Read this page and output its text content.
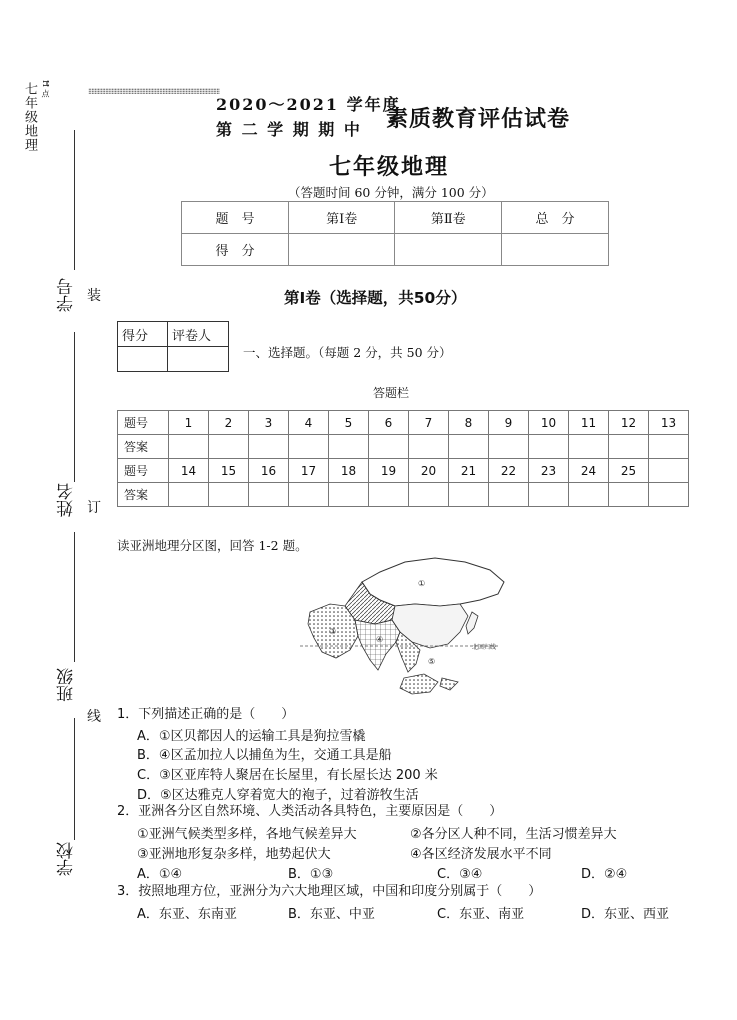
七年级地理 Ħ 点
学号
姓名
班级
学校
⁝⁝⁝⁝⁝⁝⁝⁝⁝⁝⁝⁝⁝⁝⁝⁝⁝⁝⁝⁝⁝⁝⁝⁝⁝⁝⁝⁝⁝⁝⁝⁝⁝⁝⁝⁝⁝⁝⁝⁝⁝⁝⁝⁝⁝⁝⁝⁝⁝⁝⁝⁝⁝⁝⁝⁝⁝⁝⁝⁝⁝⁝⁝⁝⁝⁝⁝⁝⁝⁝⁝⁝⁝⁝⁝⁝⁝⁝⁝⁝⁝⁝⁝⁝⁝
装
订
线
2020～2021 学年度
第 二 学 期 期 中 素质教育评估试卷
七年级地理
（答题时间 60 分钟，满分 100 分）
题　号	第Ⅰ卷	第Ⅱ卷	总　分
得　分			
第Ⅰ卷（选择题，共50分）
得分	评卷人

一、选择题。（每题 2 分，共 50 分）
答题栏
题号	1	2	3	4	5	6	7	8	9	10	11	12	13
答案													
题号	14	15	16	17	18	19	20	21	22	23	24	25	
答案													
读亚洲地理分区图，回答 1-2 题。
北回归线
①
③
④
⑤
1．下列描述正确的是（　　）
A．①区贝都因人的运输工具是狗拉雪橇
B．④区孟加拉人以捕鱼为生，交通工具是船
C．③区亚库特人聚居在长屋里，有长屋长达 200 米
D．⑤区达雅克人穿着宽大的袍子，过着游牧生活
2．亚洲各分区自然环境、人类活动各具特色，主要原因是（　　）
①亚洲气候类型多样，各地气候差异大	②各分区人种不同，生活习惯差异大
③亚洲地形复杂多样，地势起伏大	④各区经济发展水平不同
A．①④	B．①③	C．③④	D．②④
3．按照地理方位，亚洲分为六大地理区域，中国和印度分别属于（　　）
A．东亚、东南亚	B．东亚、中亚	C．东亚、南亚	D．东亚、西亚
